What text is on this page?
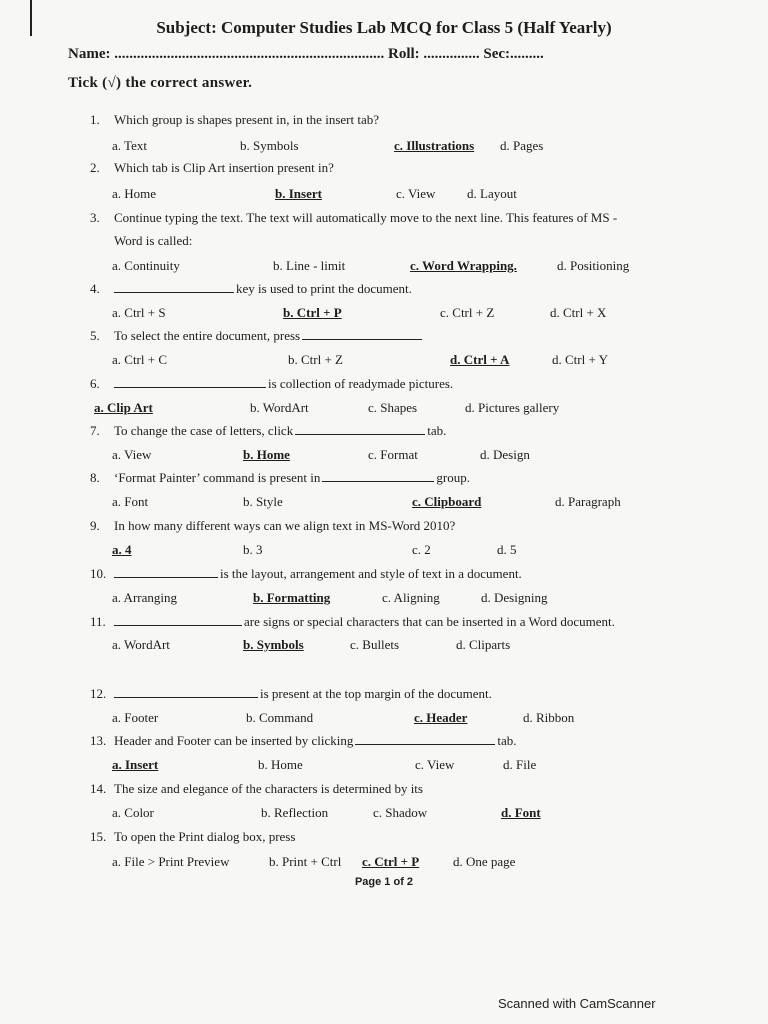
Subject: Computer Studies Lab MCQ for Class 5 (Half Yearly)
Name: ........................................................................ Roll: ............... Sec:.........
Tick (√) the correct answer.
1. Which group is shapes present in, in the insert tab?
a. Text	b. Symbols	c. Illustrations d. Pages
2. Which tab is Clip Art insertion present in?
a. Home	b. Insert	c. View d. Layout
3. Continue typing the text. The text will automatically move to the next line. This features of MS -
Word is called:
a. Continuity	b. Line - limit	c. Word Wrapping.	d. Positioning
4.	key is used to print the document.
a. Ctrl + S	b. Ctrl + P	c. Ctrl + Z	d. Ctrl + X
5. To select the entire document, press
a. Ctrl + C	b. Ctrl + Z	d. Ctrl + A	d. Ctrl + Y
6.	is collection of readymade pictures.
a. Clip Art	b. WordArt	c. Shapes	d. Pictures gallery
7. To change the case of letters, click	tab.
a. View	b. Home	c. Format	d. Design
8. ‘Format Painter’ command is present in	group.
a. Font	b. Style	c. Clipboard	d. Paragraph
9. In how many different ways can we align text in MS-Word 2010?
a. 4	b. 3	c. 2	d. 5
10.	is the layout, arrangement and style of text in a document.
a. Arranging	b. Formatting	c. Aligning	d. Designing
11.	are signs or special characters that can be inserted in a Word document.
a. WordArt	b. Symbols	c. Bullets	d. Cliparts
12.	is present at the top margin of the document.
a. Footer	b. Command	c. Header	d. Ribbon
13. Header and Footer can be inserted by clicking	tab.
a. Insert	b. Home	c. View	d. File
14. The size and elegance of the characters is determined by its
a. Color	b. Reflection	c. Shadow	d. Font
15. To open the Print dialog box, press
a. File > Print Preview	b. Print + Ctrl c. Ctrl + P	d. One page
Page 1 of 2
Scanned with CamScanner
